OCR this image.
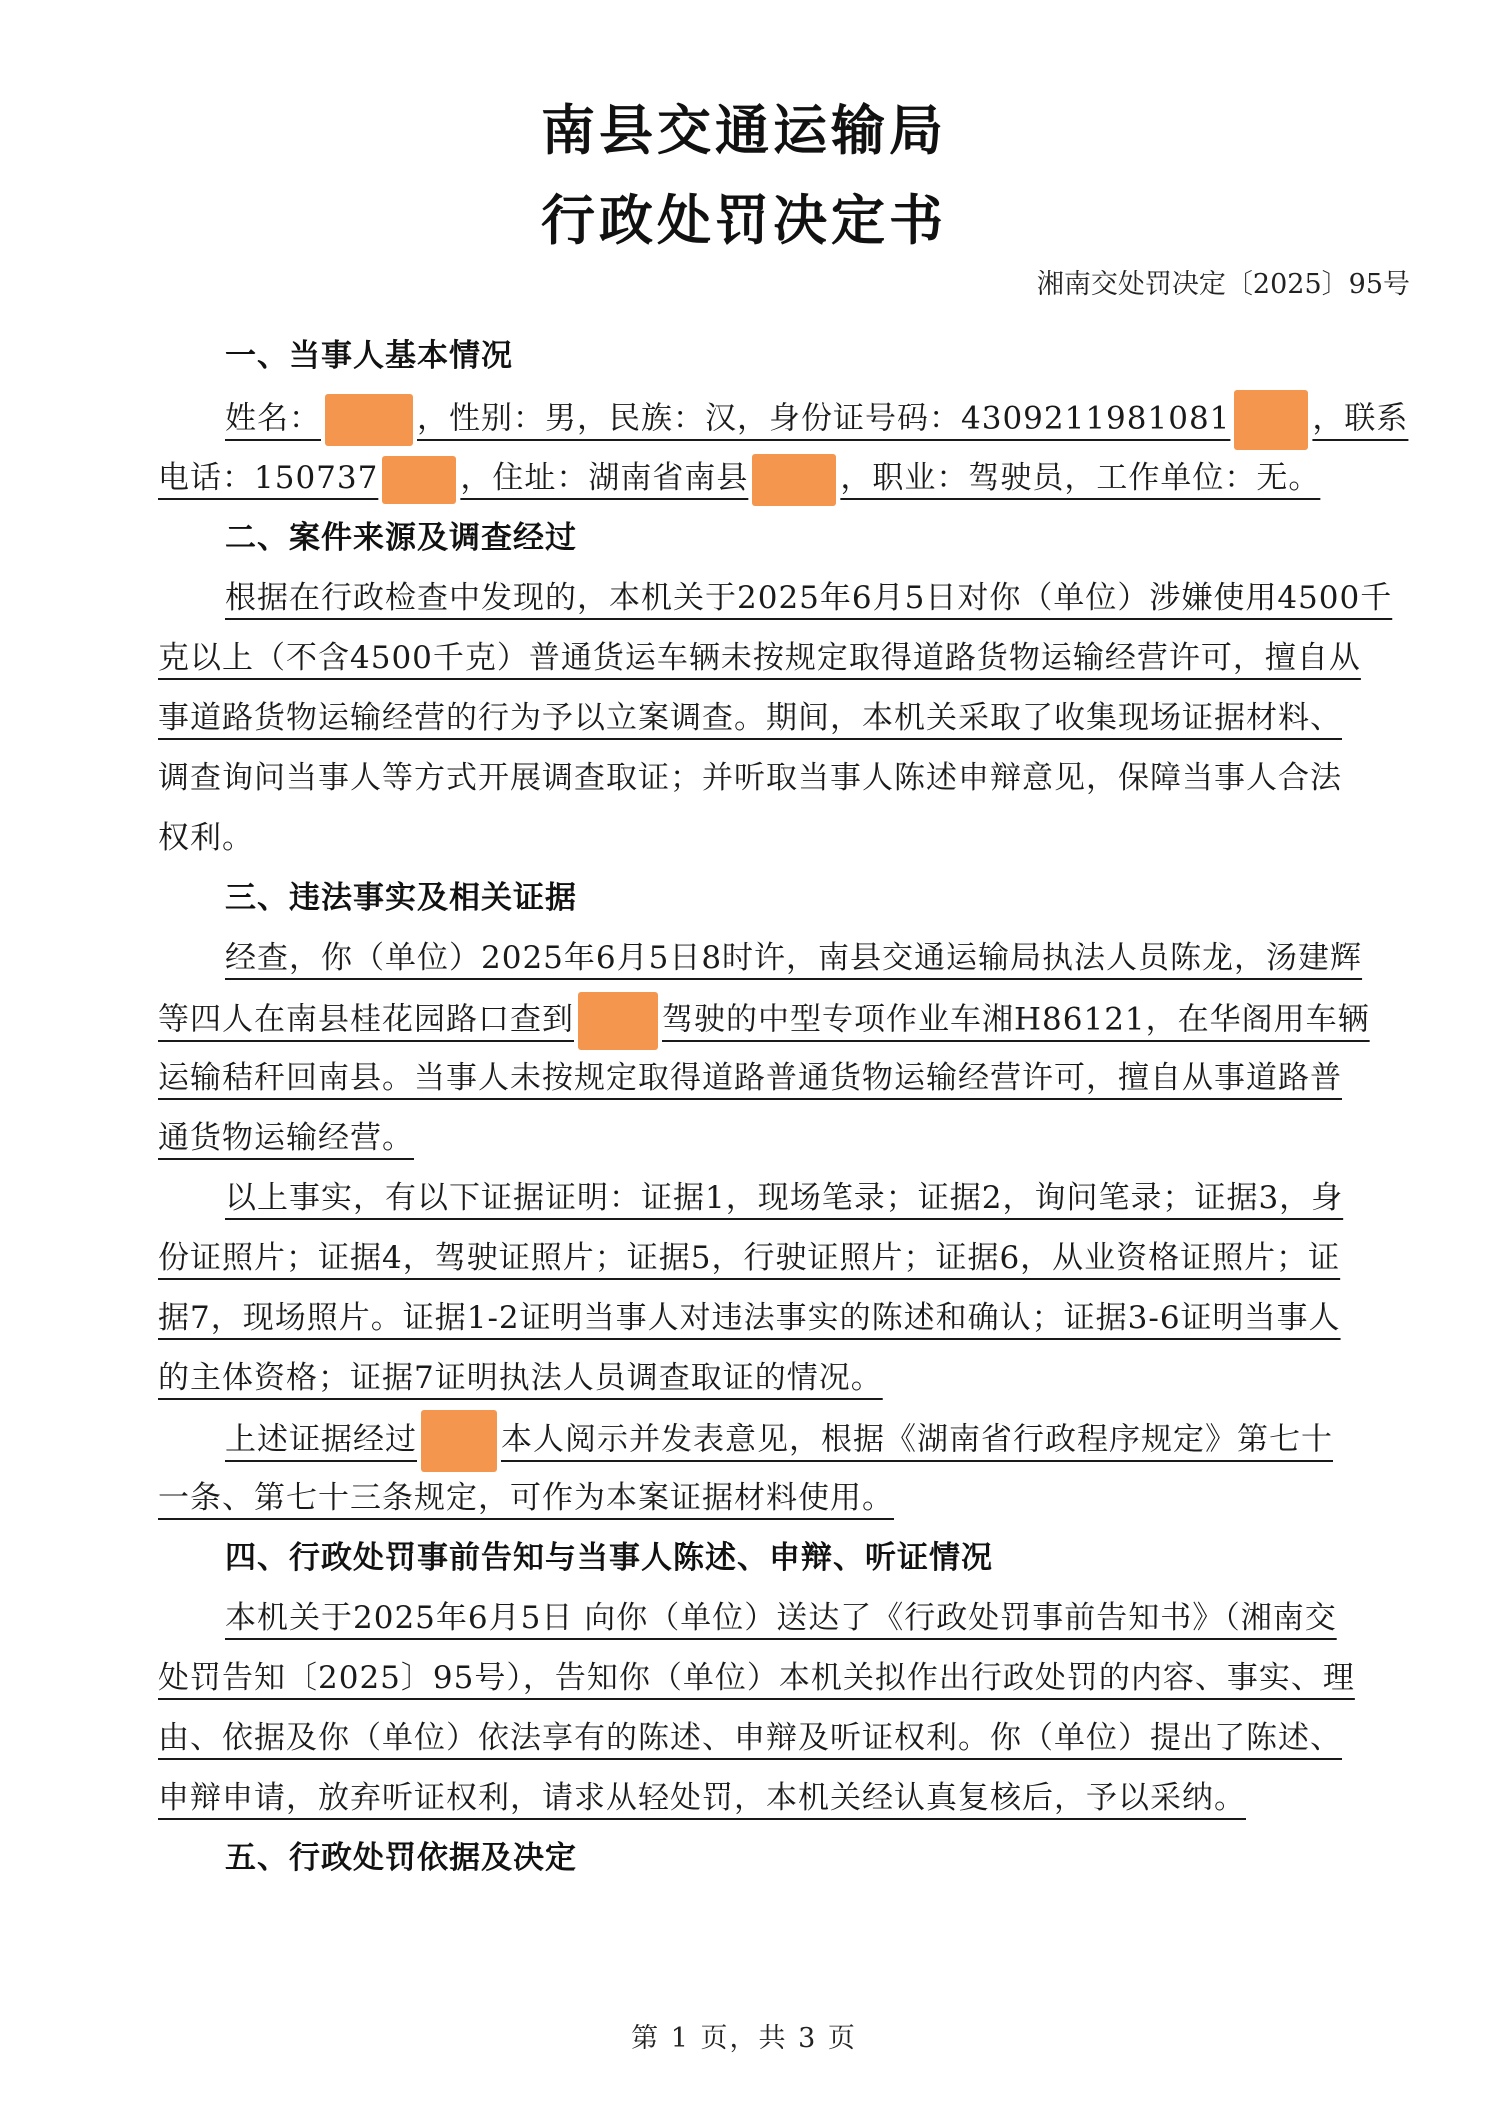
南县交通运输局
行政处罚决定书
湘南交处罚决定〔2025〕95号
一、当事人基本情况
姓名：	，性别：男，民族：汉，身份证号码：4309211981081	，联系
电话：150737	，住址：湖南省南县	，职业：驾驶员，工作单位：无。
二、案件来源及调查经过
根据在行政检查中发现的，本机关于2025年6月5日对你（单位）涉嫌使用4500千
克以上（不含4500千克）普通货运车辆未按规定取得道路货物运输经营许可，擅自从
事道路货物运输经营的行为予以立案调查。期间，本机关采取了收集现场证据材料、
调查询问当事人等方式开展调查取证；并听取当事人陈述申辩意见，保障当事人合法
权利。
三、违法事实及相关证据
经查，你（单位）2025年6月5日8时许，南县交通运输局执法人员陈龙，汤建辉
等四人在南县桂花园路口查到	驾驶的中型专项作业车湘H86121，在华阁用车辆
运输秸秆回南县。当事人未按规定取得道路普通货物运输经营许可，擅自从事道路普
通货物运输经营。
以上事实，有以下证据证明：证据1，现场笔录；证据2，询问笔录；证据3，身
份证照片；证据4，驾驶证照片；证据5，行驶证照片；证据6，从业资格证照片；证
据7，现场照片。证据1-2证明当事人对违法事实的陈述和确认；证据3-6证明当事人
的主体资格；证据7证明执法人员调查取证的情况。
上述证据经过	本人阅示并发表意见，根据《湖南省行政程序规定》第七十
一条、第七十三条规定，可作为本案证据材料使用。
四、行政处罚事前告知与当事人陈述、申辩、听证情况
本机关于2025年6月5日 向你（单位）送达了《行政处罚事前告知书》（湘南交
处罚告知〔2025〕95号），告知你（单位）本机关拟作出行政处罚的内容、事实、理
由、依据及你（单位）依法享有的陈述、申辩及听证权利。你（单位）提出了陈述、
申辩申请，放弃听证权利，请求从轻处罚，本机关经认真复核后，予以采纳。
五、行政处罚依据及决定
第 1 页，共 3 页
